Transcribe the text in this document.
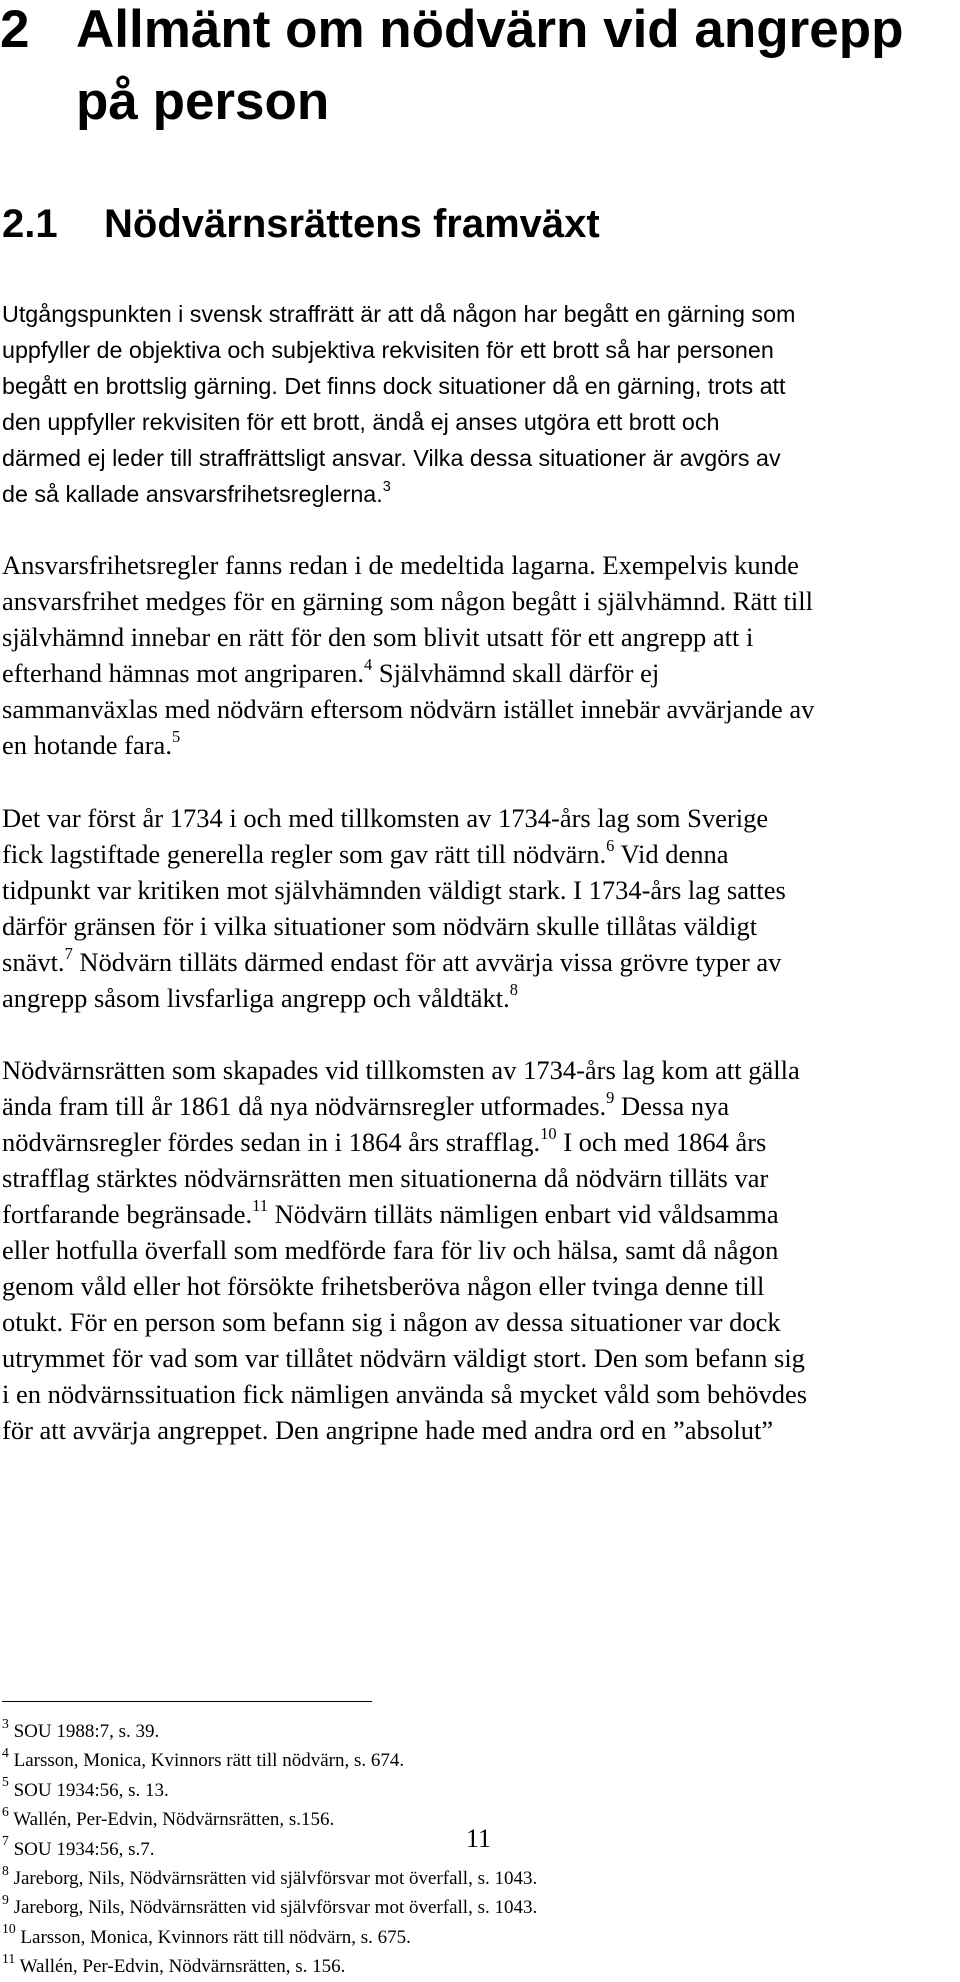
2 Allmänt om nödvärn vid angrepp på person
2.1	Nödvärnsrättens framväxt

Utgångspunkten i svensk straffrätt är att då någon har begått en gärning som
uppfyller de objektiva och subjektiva rekvisiten för ett brott så har personen
begått en brottslig gärning. Det finns dock situationer då en gärning, trots att
den uppfyller rekvisiten för ett brott, ändå ej anses utgöra ett brott och
därmed ej leder till straffrättsligt ansvar. Vilka dessa situationer är avgörs av
de så kallade ansvarsfrihetsreglerna.$^3$

Ansvarsfrihetsregler fanns redan i de medeltida lagarna. Exempelvis kunde
ansvarsfrihet medges för en gärning som någon begått i självhämnd. Rätt till
självhämnd innebar en rätt för den som blivit utsatt för ett angrepp att i
efterhand hämnas mot angriparen.$^4$ Självhämnd skall därför ej
sammanväxlas med nödvärn eftersom nödvärn istället innebär avvärjande av
en hotande fara.$^5$

Det var först år 1734 i och med tillkomsten av 1734-års lag som Sverige
fick lagstiftade generella regler som gav rätt till nödvärn.$^6$ Vid denna
tidpunkt var kritiken mot självhämnden väldigt stark. I 1734-års lag sattes
därför gränsen för i vilka situationer som nödvärn skulle tillåtas väldigt
snävt.$^7$ Nödvärn tilläts därmed endast för att avvärja vissa grövre typer av
angrepp såsom livsfarliga angrepp och våldtäkt.$^8$

Nödvärnsrätten som skapades vid tillkomsten av 1734-års lag kom att gälla
ända fram till år 1861 då nya nödvärnsregler utformades.$^9$ Dessa nya
nödvärnsregler fördes sedan in i 1864 års strafflag.$^{10}$ I och med 1864 års
strafflag stärktes nödvärnsrätten men situationerna då nödvärn tilläts var
fortfarande begränsade.$^{11}$ Nödvärn tilläts nämligen enbart vid våldsamma
eller hotfulla överfall som medförde fara för liv och hälsa, samt då någon
genom våld eller hot försökte frihetsberöva någon eller tvinga denne till
otukt. För en person som befann sig i någon av dessa situationer var dock
utrymmet för vad som var tillåtet nödvärn väldigt stort. Den som befann sig
i en nödvärnssituation fick nämligen använda så mycket våld som behövdes
för att avvärja angreppet. Den angripne hade med andra ord en ”absolut”

$^3$ SOU 1988:7, s. 39.
$^4$ Larsson, Monica, Kvinnors rätt till nödvärn, s. 674.
$^5$ SOU 1934:56, s. 13.
$^6$ Wallén, Per-Edvin, Nödvärnsrätten, s.156.
$^7$ SOU 1934:56, s.7.
$^8$ Jareborg, Nils, Nödvärnsrätten vid självförsvar mot överfall, s. 1043.
$^9$ Jareborg, Nils, Nödvärnsrätten vid självförsvar mot överfall, s. 1043.
$^{10}$ Larsson, Monica, Kvinnors rätt till nödvärn, s. 675.
$^{11}$ Wallén, Per-Edvin, Nödvärnsrätten, s. 156.
11
